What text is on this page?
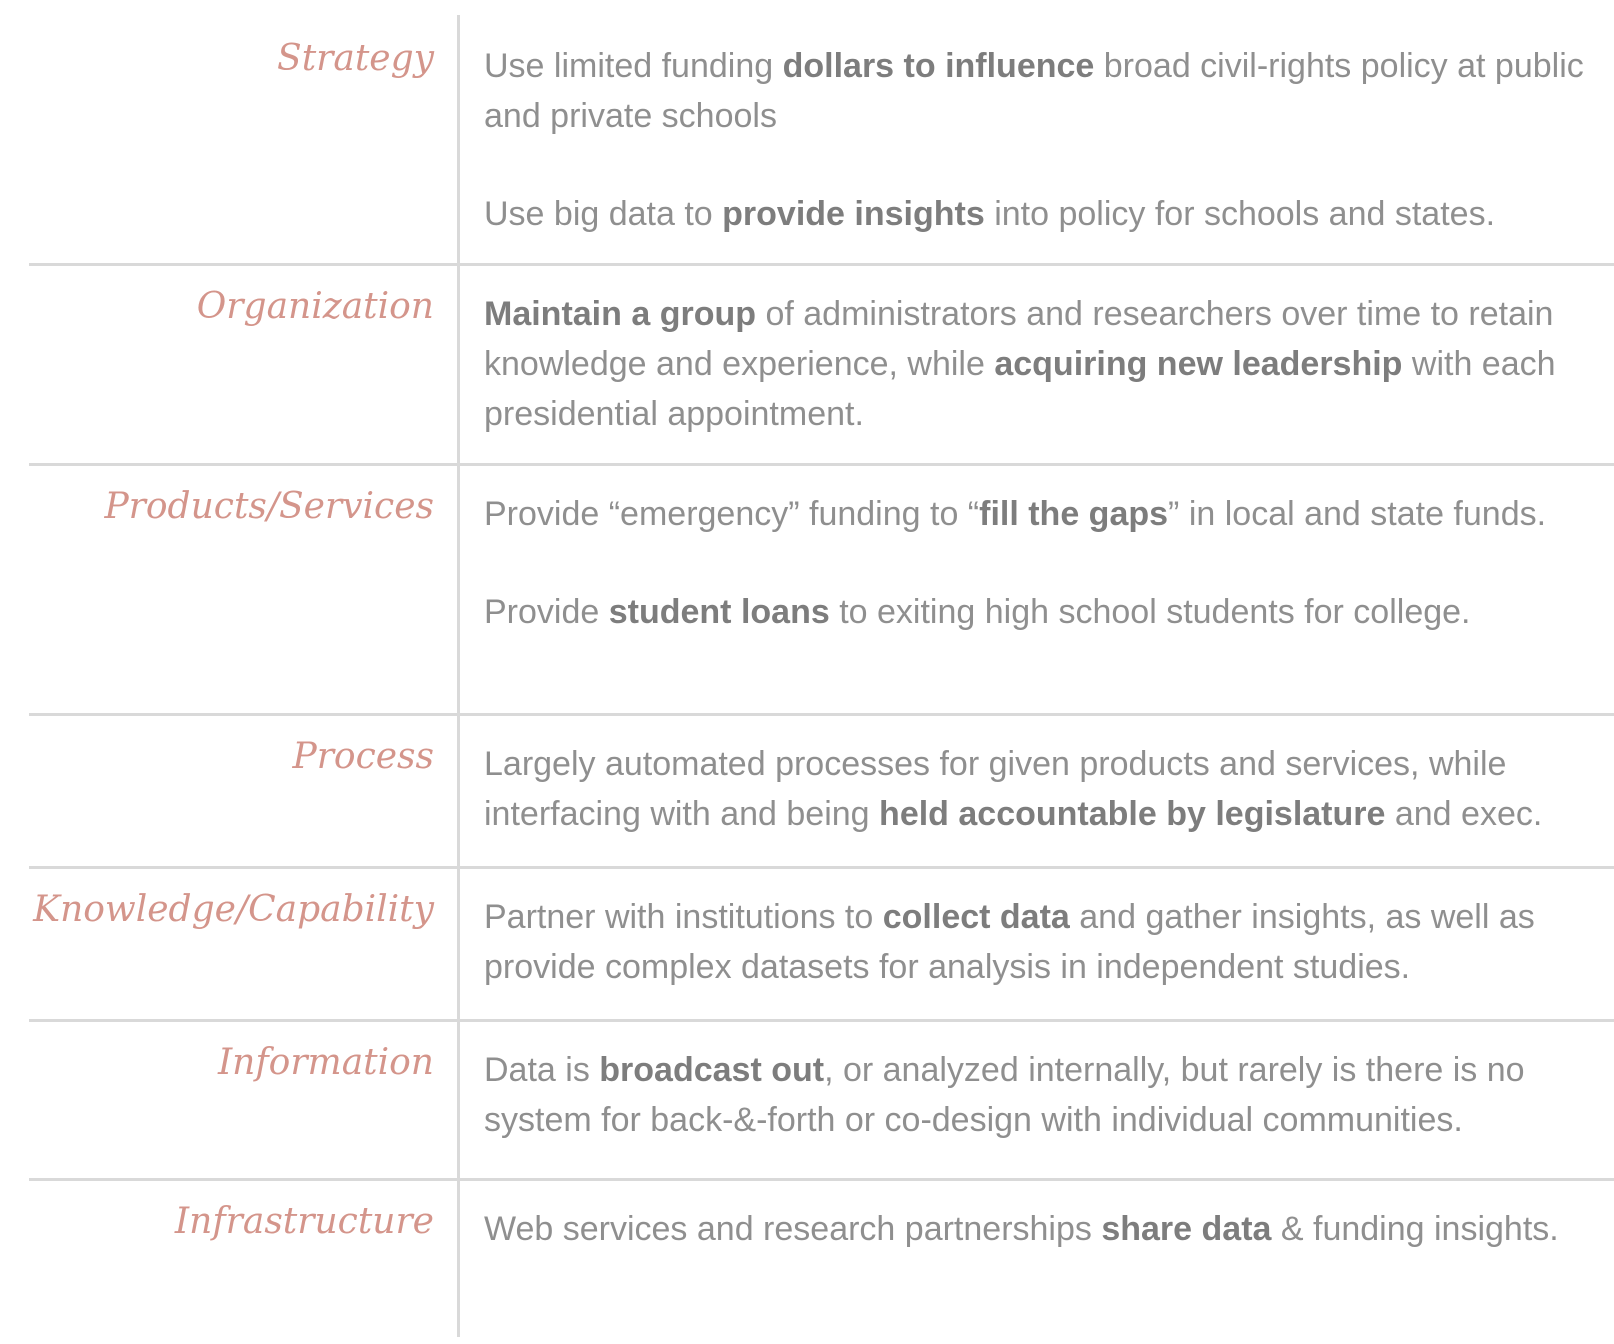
Strategy Use limited funding dollars to influence broad civil-rights policy at public and private schools

Use big data to provide insights into policy for schools and states.

Organization Maintain a group of administrators and researchers over time to retain knowledge and experience, while acquiring new leadership with each presidential appointment.

Products/Services Provide “emergency” funding to “fill the gaps” in local and state funds.

Provide student loans to exiting high school students for college.

Process Largely automated processes for given products and services, while interfacing with and being held accountable by legislature and exec.

Knowledge/Capability Partner with institutions to collect data and gather insights, as well as provide complex datasets for analysis in independent studies.

Information Data is broadcast out, or analyzed internally, but rarely is there is no system for back-&-forth or co-design with individual communities.

Infrastructure Web services and research partnerships share data & funding insights.
